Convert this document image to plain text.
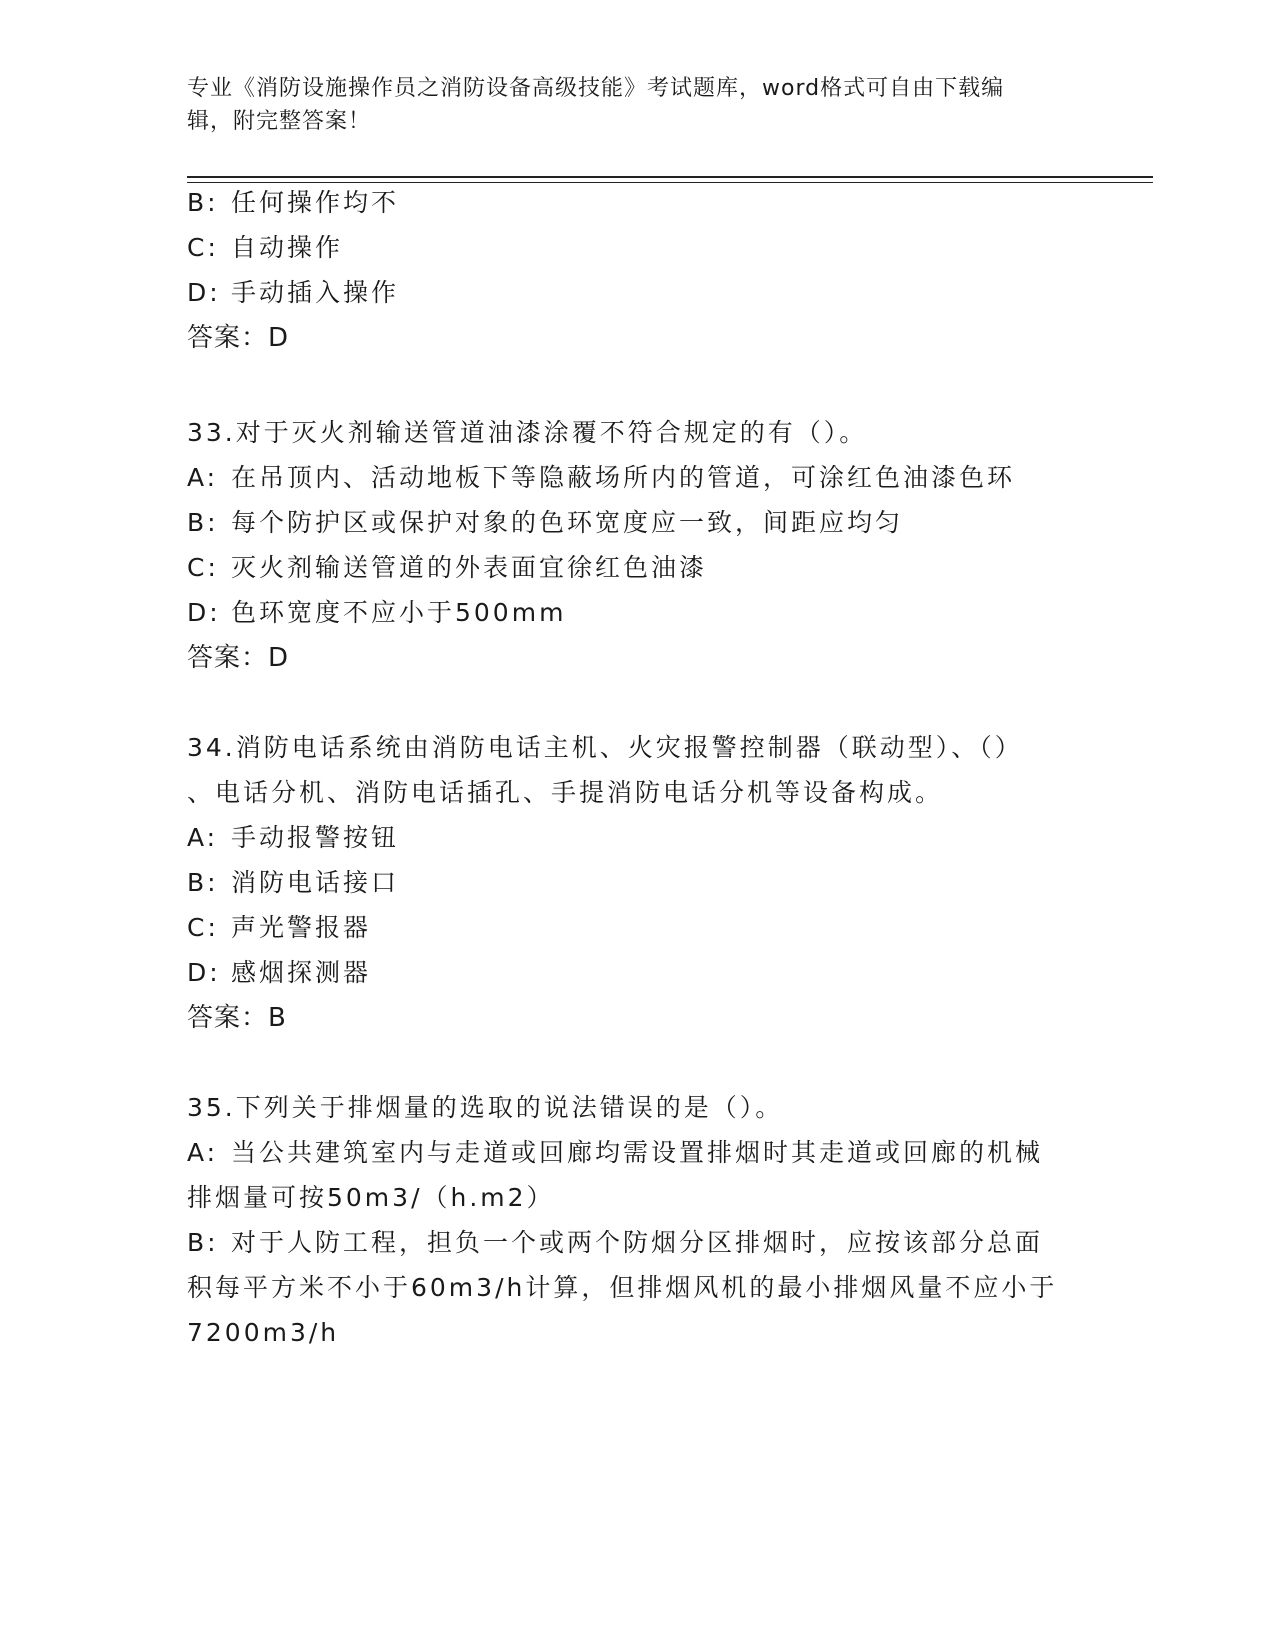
专业《消防设施操作员之消防设备高级技能》考试题库，word格式可自由下载编
辑，附完整答案！
B: 任何操作均不
C: 自动操作
D: 手动插入操作
答案：D
33.对于灭火剂输送管道油漆涂覆不符合规定的有（）。
A: 在吊顶内、活动地板下等隐蔽场所内的管道，可涂红色油漆色环
B: 每个防护区或保护对象的色环宽度应一致，间距应均匀
C: 灭火剂输送管道的外表面宜徐红色油漆
D: 色环宽度不应小于500mm
答案：D
34.消防电话系统由消防电话主机、火灾报警控制器（联动型）、（）
、电话分机、消防电话插孔、手提消防电话分机等设备构成。
A: 手动报警按钮
B: 消防电话接口
C: 声光警报器
D: 感烟探测器
答案：B
35.下列关于排烟量的选取的说法错误的是（）。
A: 当公共建筑室内与走道或回廊均需设置排烟时其走道或回廊的机械
排烟量可按50m3/（h.m2）
B: 对于人防工程，担负一个或两个防烟分区排烟时，应按该部分总面
积每平方米不小于60m3/h计算，但排烟风机的最小排烟风量不应小于
7200m3/h
